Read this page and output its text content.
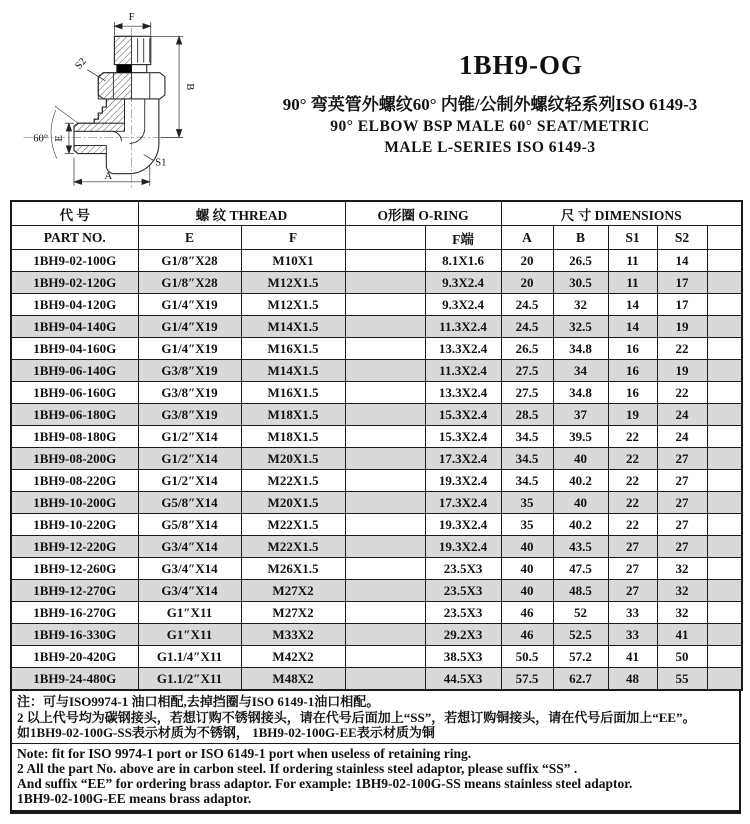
F
B
S2
60° E
A
S1
1BH9-OG
90° 弯英管外螺纹60° 内锥/公制外螺纹轻系列ISO 6149-3
90° ELBOW BSP MALE 60° SEAT/METRIC
MALE L-SERIES ISO 6149-3
代 号	螺 纹 THREAD		O形圈 O-RING		尺 寸 DIMENSIONS				
PART NO.	E	F		F端	A	B	S1	S2	
1BH9-02-100G	G1/8″X28	M10X1		8.1X1.6	20	26.5	11	14	
1BH9-02-120G	G1/8″X28	M12X1.5		9.3X2.4	20	30.5	11	17	
1BH9-04-120G	G1/4″X19	M12X1.5		9.3X2.4	24.5	32	14	17	
1BH9-04-140G	G1/4″X19	M14X1.5		11.3X2.4	24.5	32.5	14	19	
1BH9-04-160G	G1/4″X19	M16X1.5		13.3X2.4	26.5	34.8	16	22	
1BH9-06-140G	G3/8″X19	M14X1.5		11.3X2.4	27.5	34	16	19	
1BH9-06-160G	G3/8″X19	M16X1.5		13.3X2.4	27.5	34.8	16	22	
1BH9-06-180G	G3/8″X19	M18X1.5		15.3X2.4	28.5	37	19	24	
1BH9-08-180G	G1/2″X14	M18X1.5		15.3X2.4	34.5	39.5	22	24	
1BH9-08-200G	G1/2″X14	M20X1.5		17.3X2.4	34.5	40	22	27	
1BH9-08-220G	G1/2″X14	M22X1.5		19.3X2.4	34.5	40.2	22	27	
1BH9-10-200G	G5/8″X14	M20X1.5		17.3X2.4	35	40	22	27	
1BH9-10-220G	G5/8″X14	M22X1.5		19.3X2.4	35	40.2	22	27	
1BH9-12-220G	G3/4″X14	M22X1.5		19.3X2.4	40	43.5	27	27	
1BH9-12-260G	G3/4″X14	M26X1.5		23.5X3	40	47.5	27	32	
1BH9-12-270G	G3/4″X14	M27X2		23.5X3	40	48.5	27	32	
1BH9-16-270G	G1″X11	M27X2		23.5X3	46	52	33	32	
1BH9-16-330G	G1″X11	M33X2		29.2X3	46	52.5	33	41	
1BH9-20-420G	G1.1/4″X11	M42X2		38.5X3	50.5	57.2	41	50	
1BH9-24-480G	G1.1/2″X11	M48X2		44.5X3	57.5	62.7	48	55	
注：可与ISO9974-1 油口相配,去掉挡圈与ISO 6149-1油口相配。
2 以上代号均为碳钢接头，若想订购不锈钢接头，请在代号后面加上“SS”，若想订购铜接头，请在代号后面加上“EE”。
如1BH9-02-100G-SS表示材质为不锈钢， 1BH9-02-100G-EE表示材质为铜
Note: fit for ISO 9974-1 port or ISO 6149-1 port when useless of retaining ring.
2 All the part No. above are in carbon steel. If ordering stainless steel adaptor, please suffix “SS” .
And suffix “EE” for ordering brass adaptor. For example: 1BH9-02-100G-SS means stainless steel adaptor.
1BH9-02-100G-EE means brass adaptor.
